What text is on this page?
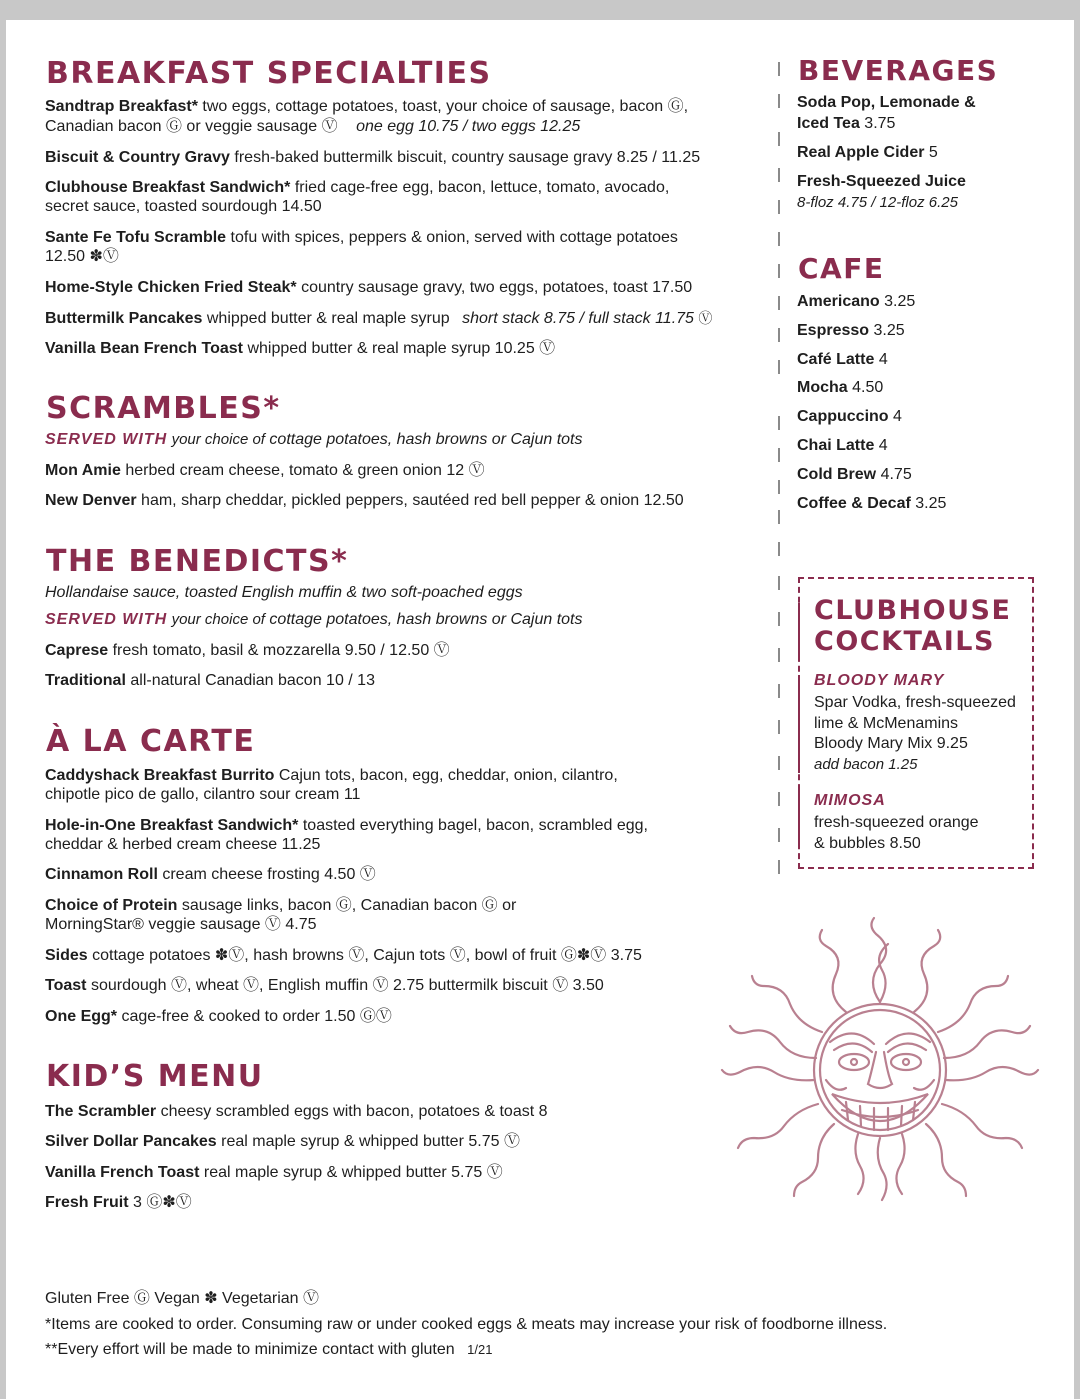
BREAKFAST SPECIALTIES
Sandtrap Breakfast* two eggs, cottage potatoes, toast, your choice of sausage, bacon Ⓖ,
Canadian bacon Ⓖ or veggie sausage Ⓥ one egg 10.75 / two eggs 12.25
Biscuit & Country Gravy fresh-baked buttermilk biscuit, country sausage gravy 8.25 / 11.25
Clubhouse Breakfast Sandwich* fried cage-free egg, bacon, lettuce, tomato, avocado,
secret sauce, toasted sourdough 14.50
Sante Fe Tofu Scramble tofu with spices, peppers & onion, served with cottage potatoes
12.50 ✽Ⓥ
Home-Style Chicken Fried Steak* country sausage gravy, two eggs, potatoes, toast 17.50
Buttermilk Pancakes whipped butter & real maple syrup short stack 8.75 / full stack 11.75 Ⓥ
Vanilla Bean French Toast whipped butter & real maple syrup 10.25 Ⓥ
SCRAMBLES*
SERVED WITH your choice of cottage potatoes, hash browns or Cajun tots
Mon Amie herbed cream cheese, tomato & green onion 12 Ⓥ
New Denver ham, sharp cheddar, pickled peppers, sautéed red bell pepper & onion 12.50
THE BENEDICTS*
Hollandaise sauce, toasted English muffin & two soft-poached eggs
SERVED WITH your choice of cottage potatoes, hash browns or Cajun tots
Caprese fresh tomato, basil & mozzarella 9.50 / 12.50 Ⓥ
Traditional all-natural Canadian bacon 10 / 13
À LA CARTE
Caddyshack Breakfast Burrito Cajun tots, bacon, egg, cheddar, onion, cilantro,
chipotle pico de gallo, cilantro sour cream 11
Hole-in-One Breakfast Sandwich* toasted everything bagel, bacon, scrambled egg,
cheddar & herbed cream cheese 11.25
Cinnamon Roll cream cheese frosting 4.50 Ⓥ
Choice of Protein sausage links, bacon Ⓖ, Canadian bacon Ⓖ or
MorningStar® veggie sausage Ⓥ 4.75
Sides cottage potatoes ✽Ⓥ, hash browns Ⓥ, Cajun tots Ⓥ, bowl of fruit Ⓖ✽Ⓥ 3.75
Toast sourdough Ⓥ, wheat Ⓥ, English muffin Ⓥ 2.75 buttermilk biscuit Ⓥ 3.50
One Egg* cage-free & cooked to order 1.50 ⒼⓋ
KID’S MENU
The Scrambler cheesy scrambled eggs with bacon, potatoes & toast 8
Silver Dollar Pancakes real maple syrup & whipped butter 5.75 Ⓥ
Vanilla French Toast real maple syrup & whipped butter 5.75 Ⓥ
Fresh Fruit 3 Ⓖ✽Ⓥ
BEVERAGES
Soda Pop, Lemonade &
Iced Tea 3.75
Real Apple Cider 5
Fresh-Squeezed Juice
8-floz 4.75 / 12-floz 6.25
CAFE
Americano 3.25
Espresso 3.25
Café Latte 4
Mocha 4.50
Cappuccino 4
Chai Latte 4
Cold Brew 4.75
Coffee & Decaf 3.25
CLUBHOUSE
COCKTAILS
BLOODY MARY
Spar Vodka, fresh-squeezed
lime & McMenamins
Bloody Mary Mix 9.25
add bacon 1.25
MIMOSA
fresh-squeezed orange
& bubbles 8.50
Gluten Free Ⓖ Vegan ✽ Vegetarian Ⓥ
*Items are cooked to order. Consuming raw or under cooked eggs & meats may increase your risk of foodborne illness.
**Every effort will be made to minimize contact with gluten 1/21
